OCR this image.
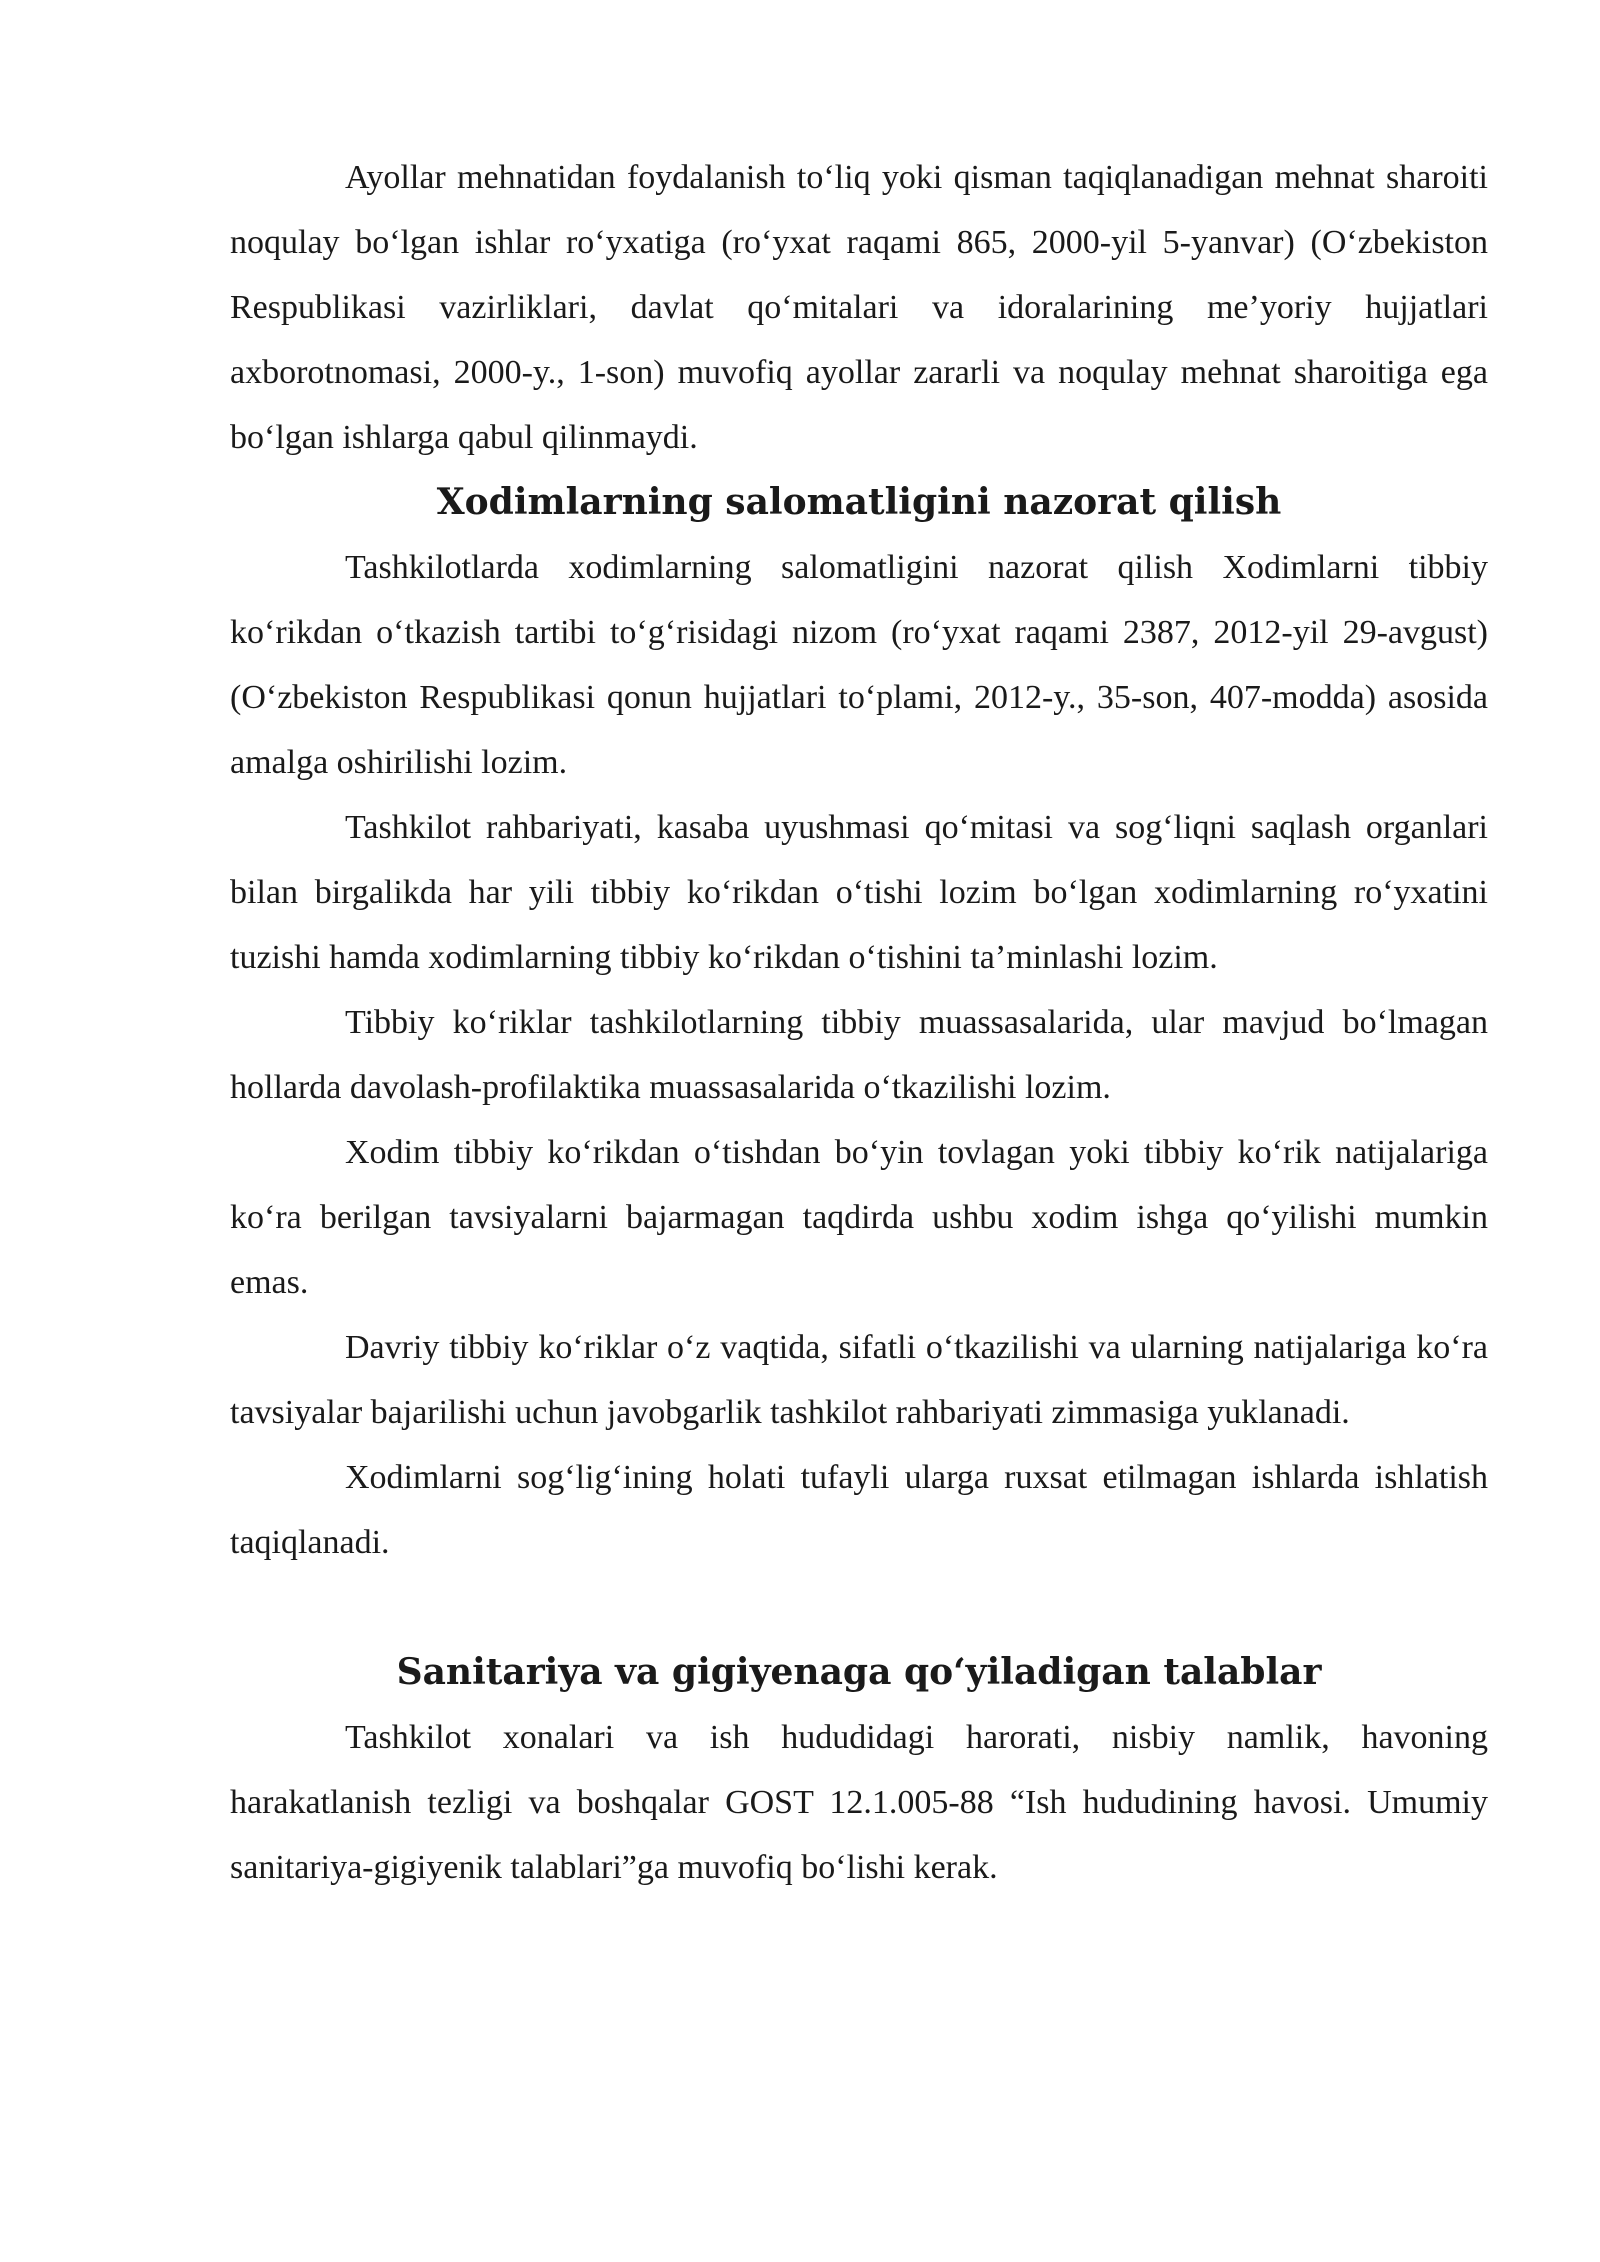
Ayollar mehnatidan foydalanish to‘liq yoki qisman taqiqlanadigan mehnat sharoiti noqulay bo‘lgan ishlar ro‘yxatiga (ro‘yxat raqami 865, 2000-yil 5-yanvar) (O‘zbekiston Respublikasi vazirliklari, davlat qo‘mitalari va idoralarining me’yoriy hujjatlari axborotnomasi, 2000-y., 1-son) muvofiq ayollar zararli va noqulay mehnat sharoitiga ega bo‘lgan ishlarga qabul qilinmaydi.

Xodimlarning salomatligini nazorat qilish

Tashkilotlarda xodimlarning salomatligini nazorat qilish Xodimlarni tibbiy ko‘rikdan o‘tkazish tartibi to‘g‘risidagi nizom (ro‘yxat raqami 2387, 2012-yil 29-avgust) (O‘zbekiston Respublikasi qonun hujjatlari to‘plami, 2012-y., 35-son, 407-modda) asosida amalga oshirilishi lozim.

Tashkilot rahbariyati, kasaba uyushmasi qo‘mitasi va sog‘liqni saqlash organlari bilan birgalikda har yili tibbiy ko‘rikdan o‘tishi lozim bo‘lgan xodimlarning ro‘yxatini tuzishi hamda xodimlarning tibbiy ko‘rikdan o‘tishini ta’minlashi lozim.

Tibbiy ko‘riklar tashkilotlarning tibbiy muassasalarida, ular mavjud bo‘lmagan hollarda davolash-profilaktika muassasalarida o‘tkazilishi lozim.

Xodim tibbiy ko‘rikdan o‘tishdan bo‘yin tovlagan yoki tibbiy ko‘rik natijalariga ko‘ra berilgan tavsiyalarni bajarmagan taqdirda ushbu xodim ishga qo‘yilishi mumkin emas.

Davriy tibbiy ko‘riklar o‘z vaqtida, sifatli o‘tkazilishi va ularning natijalariga ko‘ra tavsiyalar bajarilishi uchun javobgarlik tashkilot rahbariyati zimmasiga yuklanadi.

Xodimlarni sog‘lig‘ining holati tufayli ularga ruxsat etilmagan ishlarda ishlatish taqiqlanadi.

Sanitariya va gigiyenaga qo‘yiladigan talablar

Tashkilot xonalari va ish hududidagi harorati, nisbiy namlik, havoning harakatlanish tezligi va boshqalar GOST 12.1.005-88 “Ish hududining havosi. Umumiy sanitariya-gigiyenik talablari”ga muvofiq bo‘lishi kerak.
